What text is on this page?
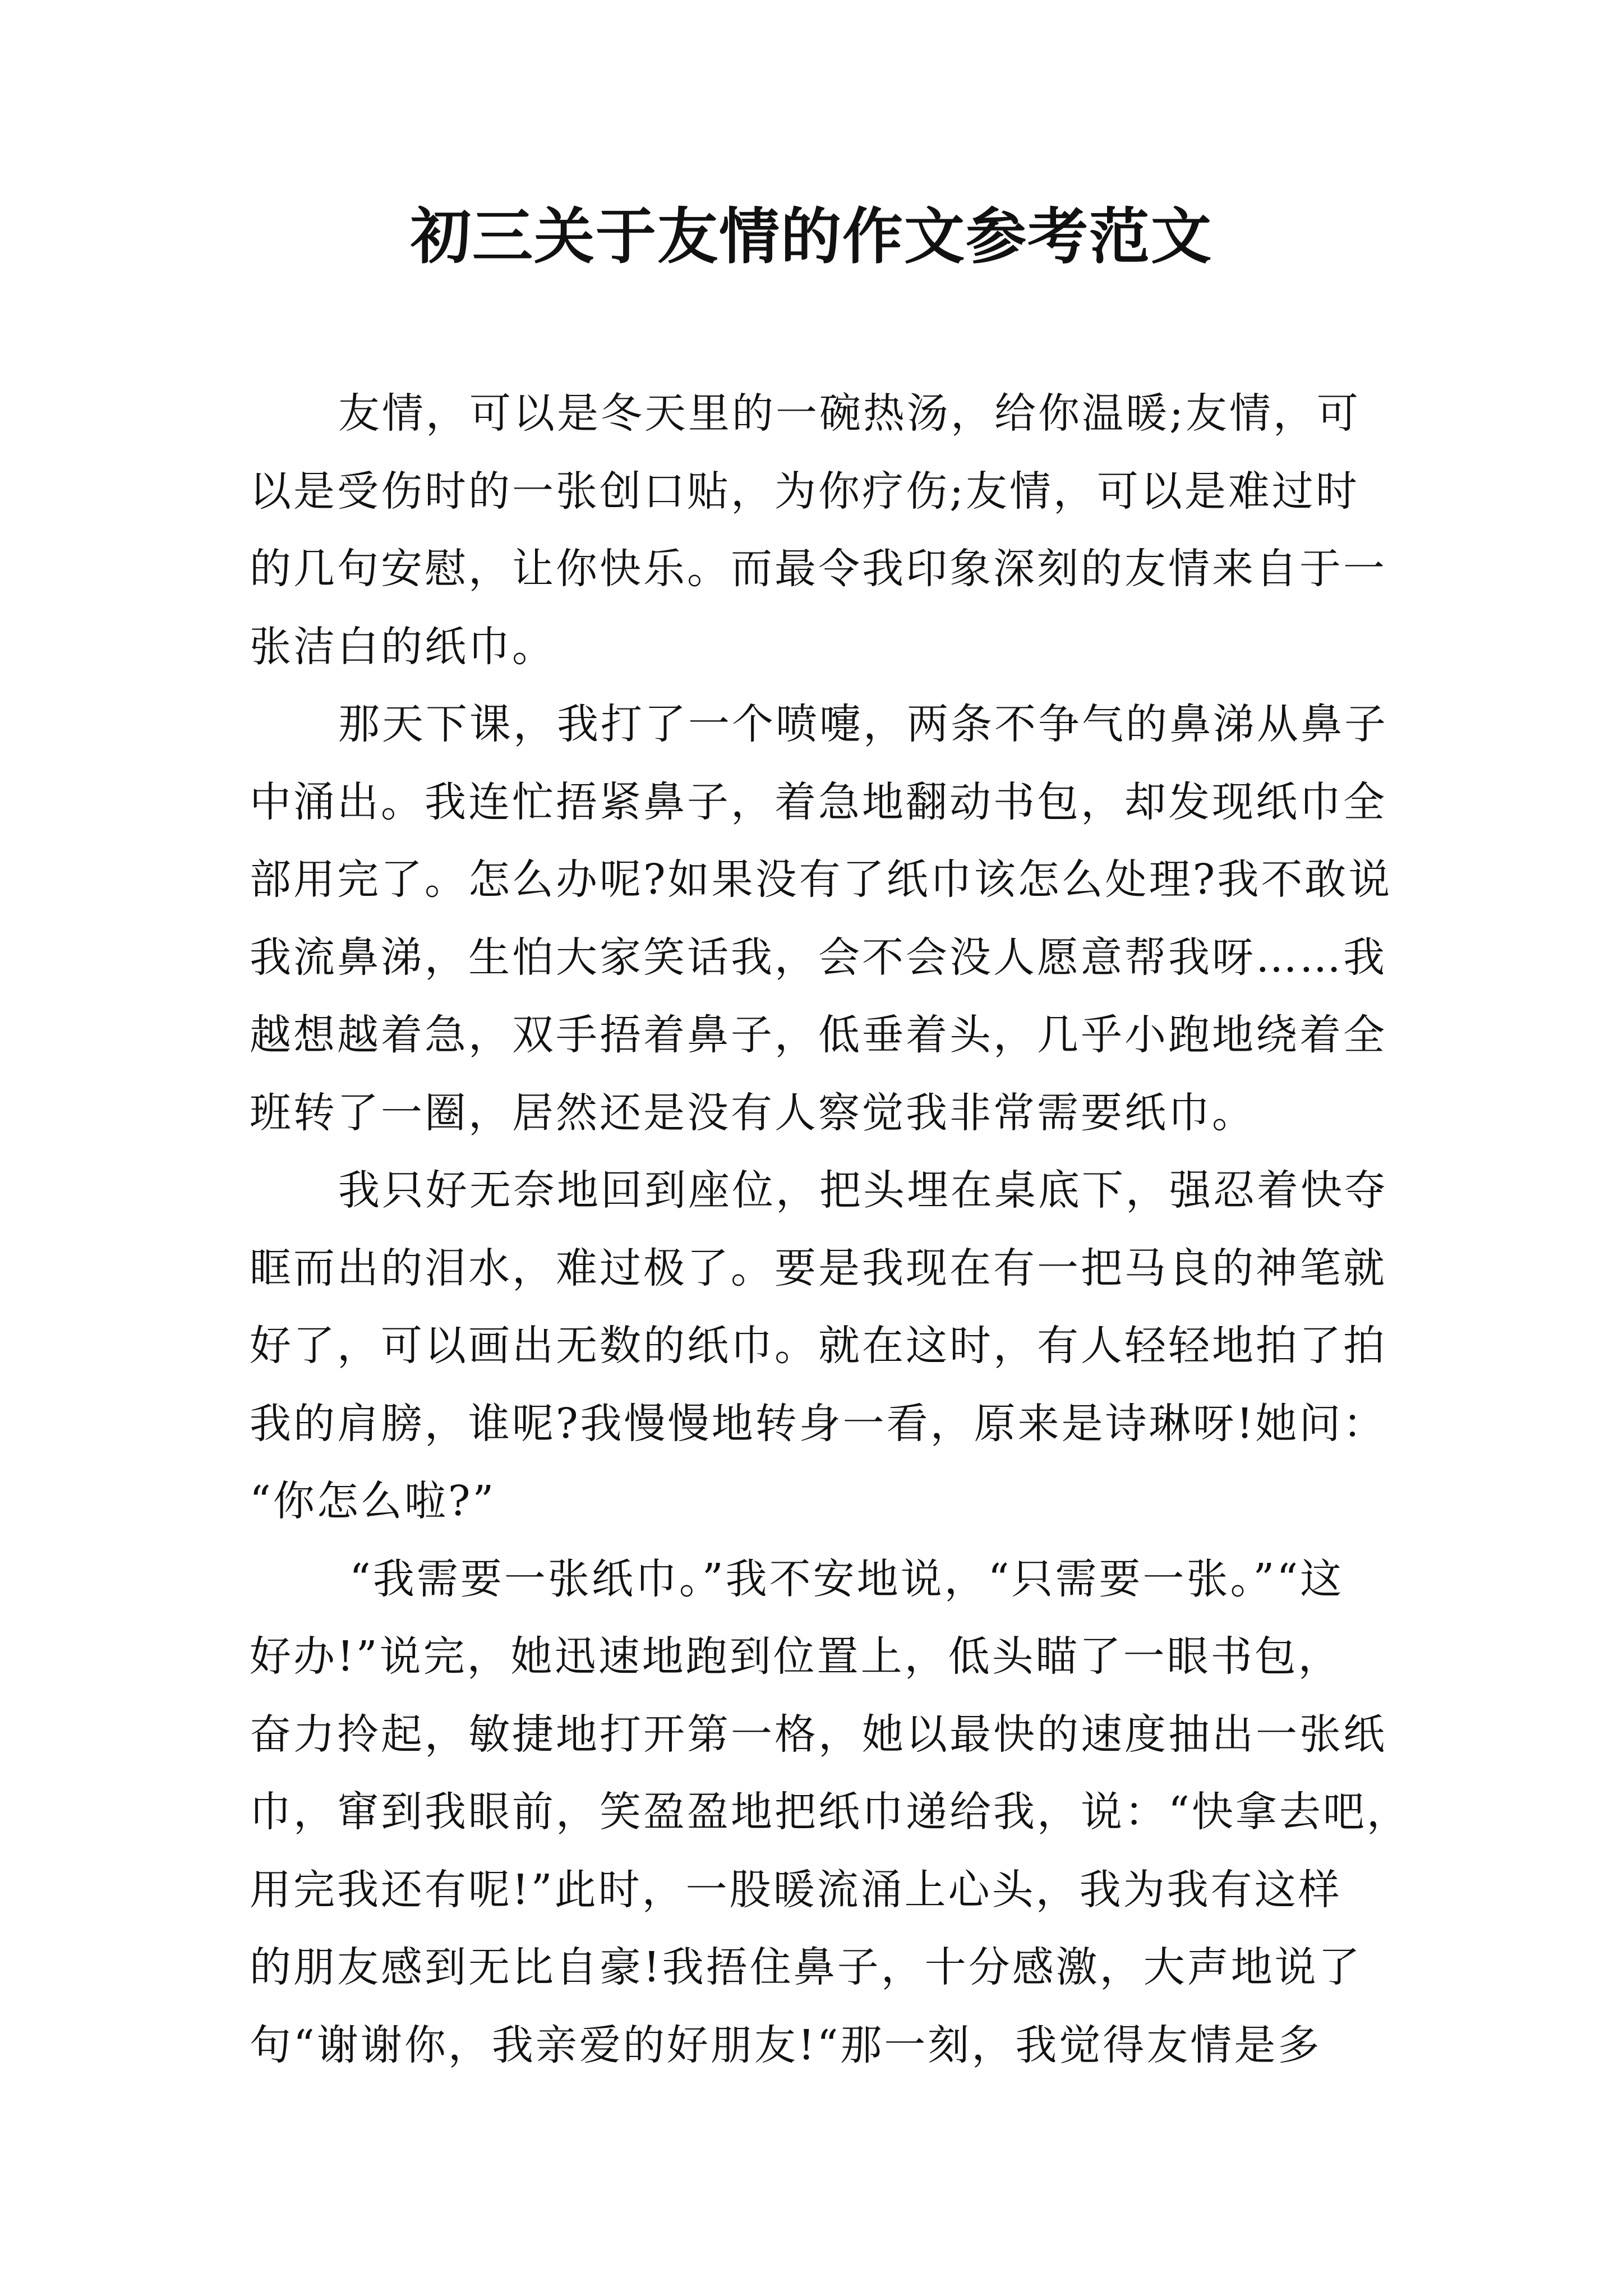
初三关于友情的作文参考范文
友情，可以是冬天里的一碗热汤，给你温暖;友情，可
以是受伤时的一张创口贴，为你疗伤;友情，可以是难过时
的几句安慰，让你快乐。而最令我印象深刻的友情来自于一
张洁白的纸巾。
那天下课，我打了一个喷嚏，两条不争气的鼻涕从鼻子
中涌出。我连忙捂紧鼻子，着急地翻动书包，却发现纸巾全
部用完了。怎么办呢?如果没有了纸巾该怎么处理?我不敢说
我流鼻涕，生怕大家笑话我，会不会没人愿意帮我呀……我
越想越着急，双手捂着鼻子，低垂着头，几乎小跑地绕着全
班转了一圈，居然还是没有人察觉我非常需要纸巾。
我只好无奈地回到座位，把头埋在桌底下，强忍着快夺
眶而出的泪水，难过极了。要是我现在有一把马良的神笔就
好了，可以画出无数的纸巾。就在这时，有人轻轻地拍了拍
我的肩膀，谁呢?我慢慢地转身一看，原来是诗琳呀!她问：
“你怎么啦?”
“我需要一张纸巾。”我不安地说，“只需要一张。”“这
好办!”说完，她迅速地跑到位置上，低头瞄了一眼书包，
奋力拎起，敏捷地打开第一格，她以最快的速度抽出一张纸
巾，窜到我眼前，笑盈盈地把纸巾递给我，说：“快拿去吧，
用完我还有呢!”此时，一股暖流涌上心头，我为我有这样
的朋友感到无比自豪!我捂住鼻子，十分感激，大声地说了
句“谢谢你，我亲爱的好朋友!“那一刻，我觉得友情是多
